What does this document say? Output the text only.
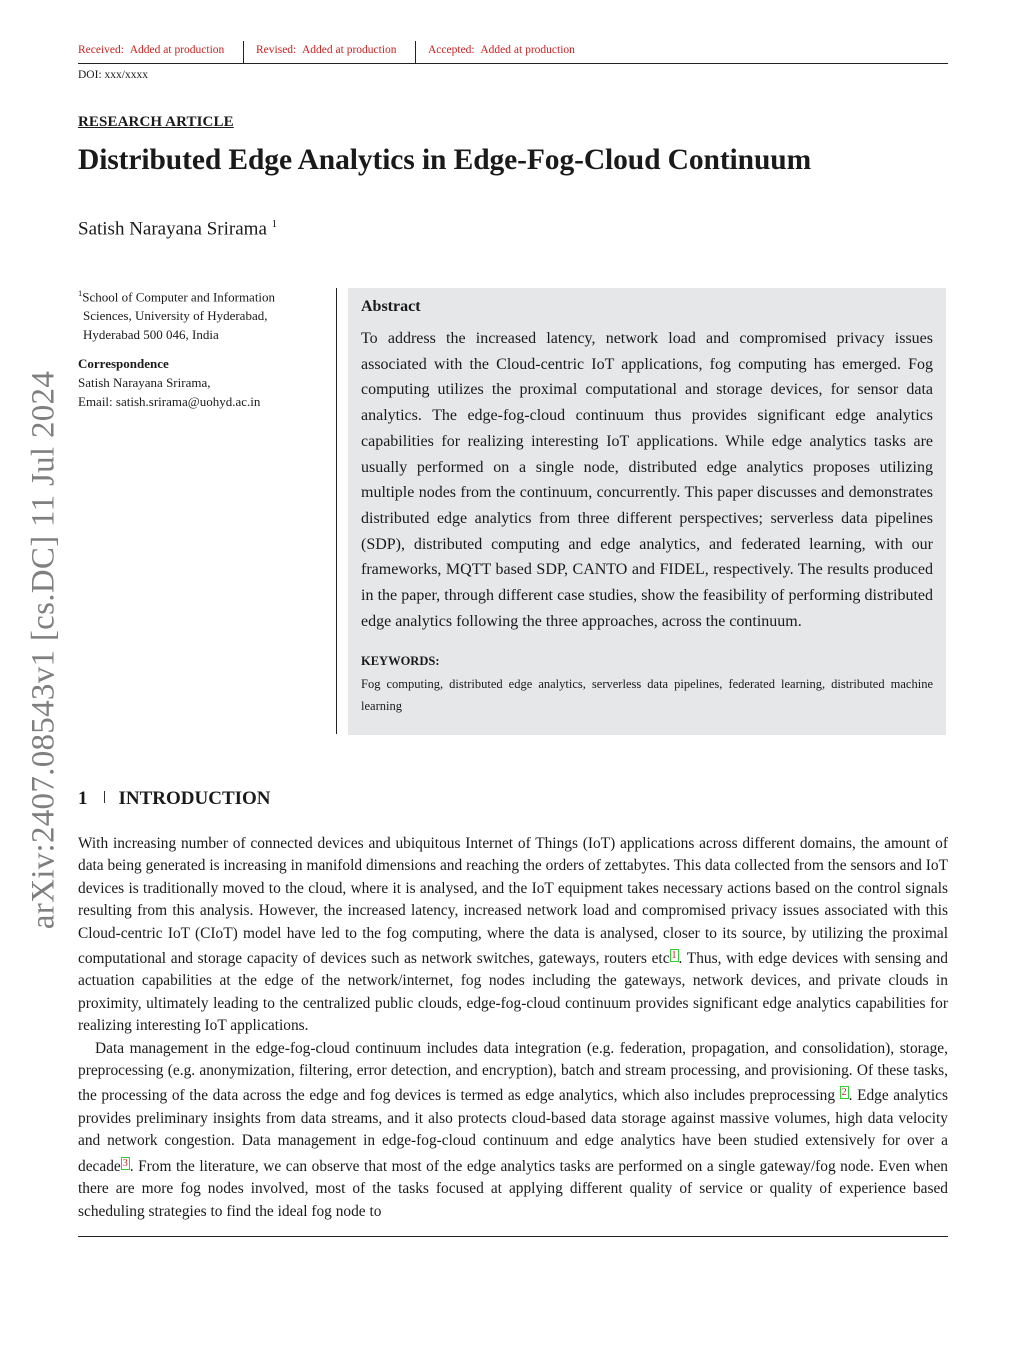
Received: Added at production	Revised: Added at production	Accepted: Added at production
DOI: xxx/xxxx
RESEARCH ARTICLE
Distributed Edge Analytics in Edge-Fog-Cloud Continuum
Satish Narayana Srirama $^1$
$^1$School of Computer and Information
Sciences, University of Hyderabad,
Hyderabad 500 046, India
Correspondence
Satish Narayana Srirama,
Email: satish.srirama@uohyd.ac.in
Abstract
To address the increased latency, network load and compromised privacy issues associated with the Cloud-centric IoT applications, fog computing has emerged. Fog computing utilizes the proximal computational and storage devices, for sensor data analytics. The edge-fog-cloud continuum thus provides significant edge analytics capabilities for realizing interesting IoT applications. While edge analytics tasks are usually performed on a single node, distributed edge analytics proposes utilizing multiple nodes from the continuum, concurrently. This paper discusses and demonstrates distributed edge analytics from three different perspectives; serverless data pipelines (SDP), distributed computing and edge analytics, and federated learning, with our frameworks, MQTT based SDP, CANTO and FIDEL, respectively. The results produced in the paper, through different case studies, show the feasibility of performing distributed edge analytics following the three approaches, across the continuum.
KEYWORDS:
Fog computing, distributed edge analytics, serverless data pipelines, federated learning, distributed machine learning
arXiv:2407.08543v1 [cs.DC] 11 Jul 2024 1 INTRODUCTION

With increasing number of connected devices and ubiquitous Internet of Things (IoT) applications across different domains, the amount of data being generated is increasing in manifold dimensions and reaching the orders of zettabytes. This data collected from the sensors and IoT devices is traditionally moved to the cloud, where it is analysed, and the IoT equipment takes necessary actions based on the control signals resulting from this analysis. However, the increased latency, increased network load and compromised privacy issues associated with this Cloud-centric IoT (CIoT) model have led to the fog computing, where the data is analysed, closer to its source, by utilizing the proximal computational and storage capacity of devices such as network switches, gateways, routers etc $^1$ . Thus, with edge devices with sensing and actuation capabilities at the edge of the network/internet, fog nodes including the gateways, network devices, and private clouds in proximity, ultimately leading to the centralized public clouds, edge-fog-cloud continuum provides significant edge analytics capabilities for realizing interesting IoT applications.

Data management in the edge-fog-cloud continuum includes data integration (e.g. federation, propagation, and consolidation), storage, preprocessing (e.g. anonymization, filtering, error detection, and encryption), batch and stream processing, and provisioning. Of these tasks, the processing of the data across the edge and fog devices is termed as edge analytics, which also includes preprocessing $^2$ . Edge analytics provides preliminary insights from data streams, and it also protects cloud-based data storage against massive volumes, high data velocity and network congestion. Data management in edge-fog-cloud continuum and edge analytics have been studied extensively for over a decade $^3$ . From the literature, we can observe that most of the edge analytics tasks are performed on a single gateway/fog node. Even when there are more fog nodes involved, most of the tasks focused at applying different quality of service or quality of experience based scheduling strategies to find the ideal fog node to
